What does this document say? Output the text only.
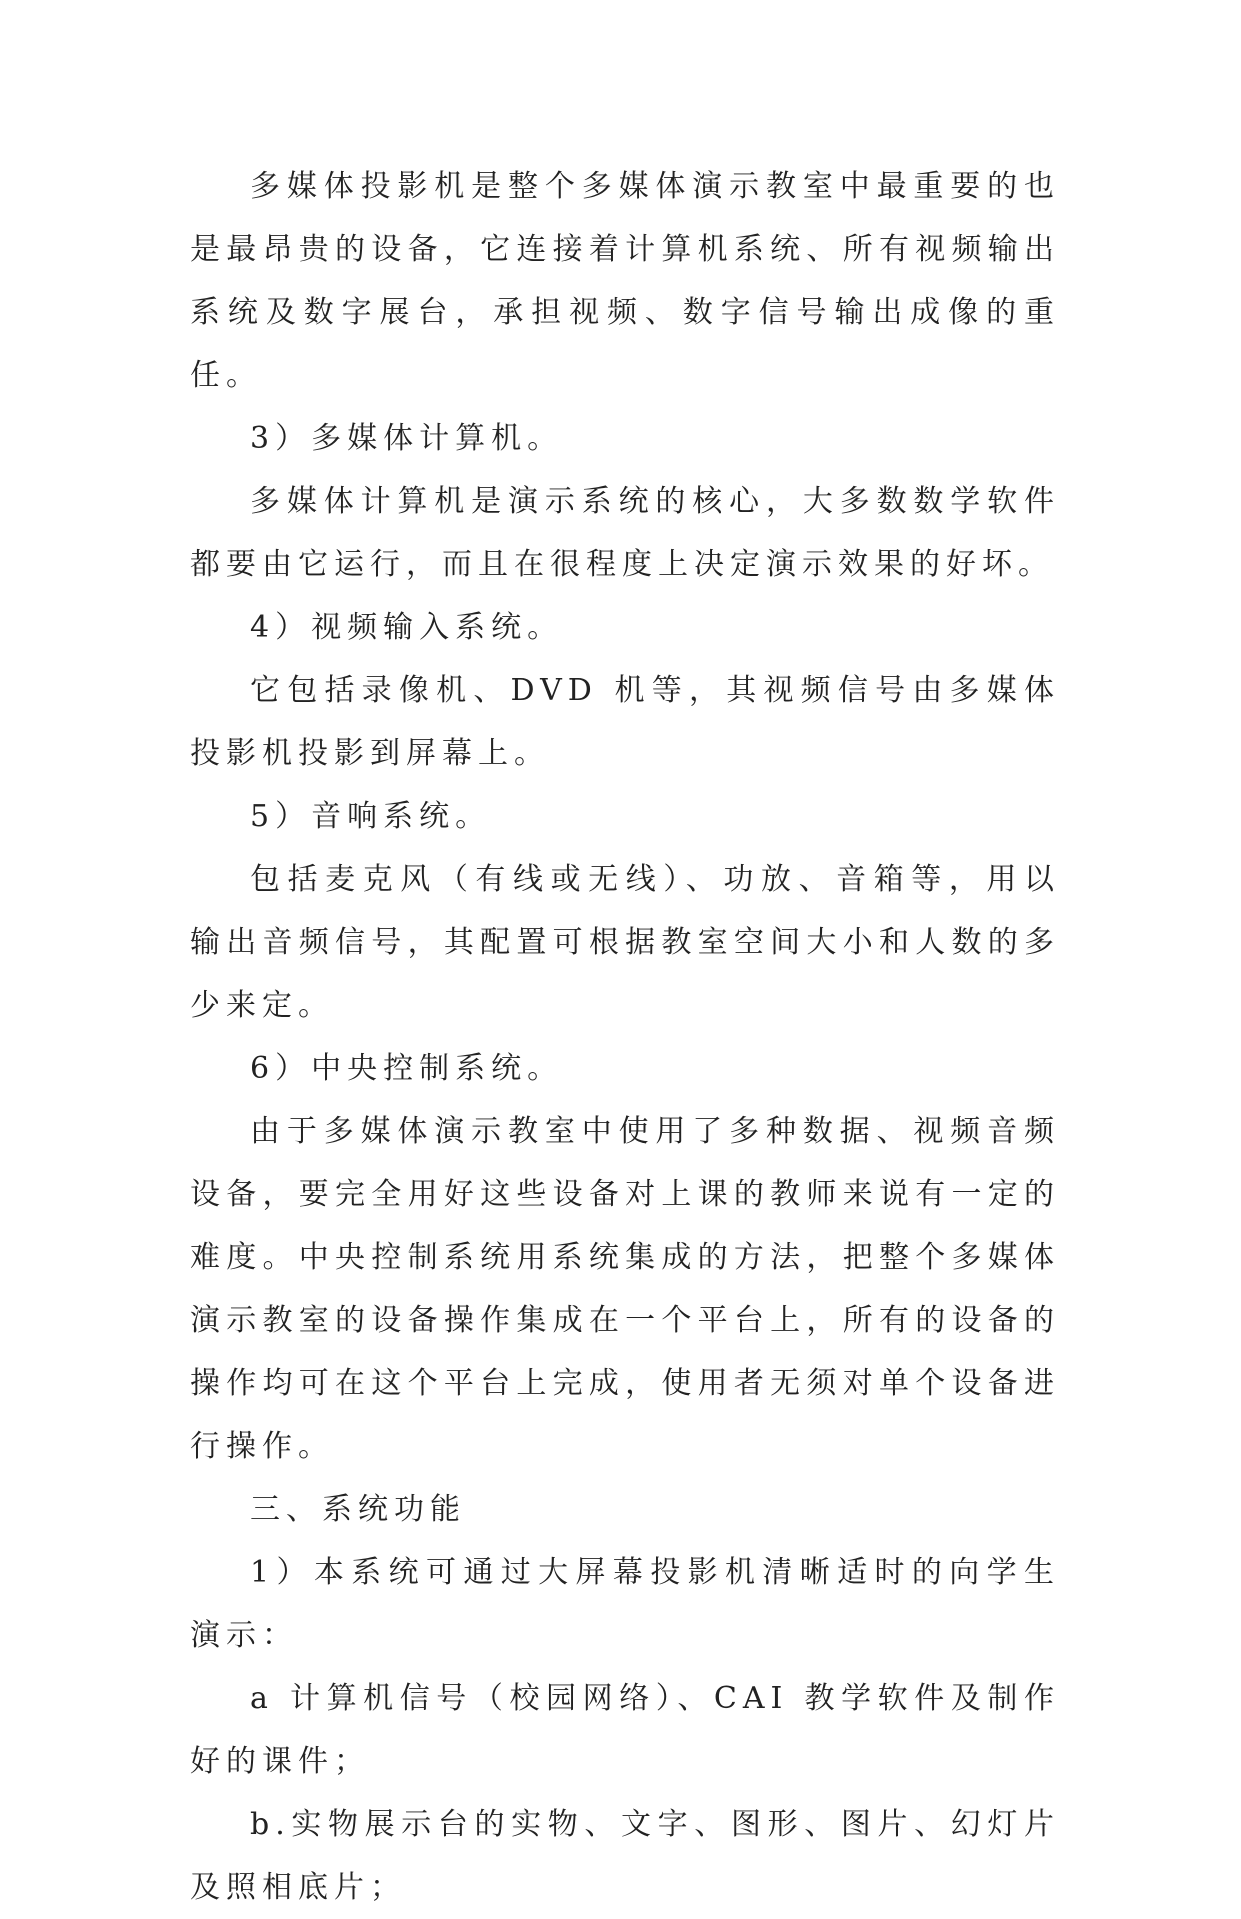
多媒体投影机是整个多媒体演示教室中最重要的也是最昂贵的设备，它连接着计算机系统、所有视频输出系统及数字展台，承担视频、数字信号输出成像的重任。

3）多媒体计算机。

多媒体计算机是演示系统的核心，大多数数学软件都要由它运行，而且在很程度上决定演示效果的好坏。

4）视频输入系统。

它包括录像机、DVD 机等，其视频信号由多媒体投影机投影到屏幕上。

5）音响系统。

包括麦克风（有线或无线）、功放、音箱等，用以输出音频信号，其配置可根据教室空间大小和人数的多少来定。

6）中央控制系统。

由于多媒体演示教室中使用了多种数据、视频音频设备，要完全用好这些设备对上课的教师来说有一定的难度。中央控制系统用系统集成的方法，把整个多媒体演示教室的设备操作集成在一个平台上，所有的设备的操作均可在这个平台上完成，使用者无须对单个设备进行操作。

三、系统功能

1）本系统可通过大屏幕投影机清晰适时的向学生演示：

a 计算机信号（校园网络）、CAI 教学软件及制作好的课件；

b.实物展示台的实物、文字、图形、图片、幻灯片及照相底片；
